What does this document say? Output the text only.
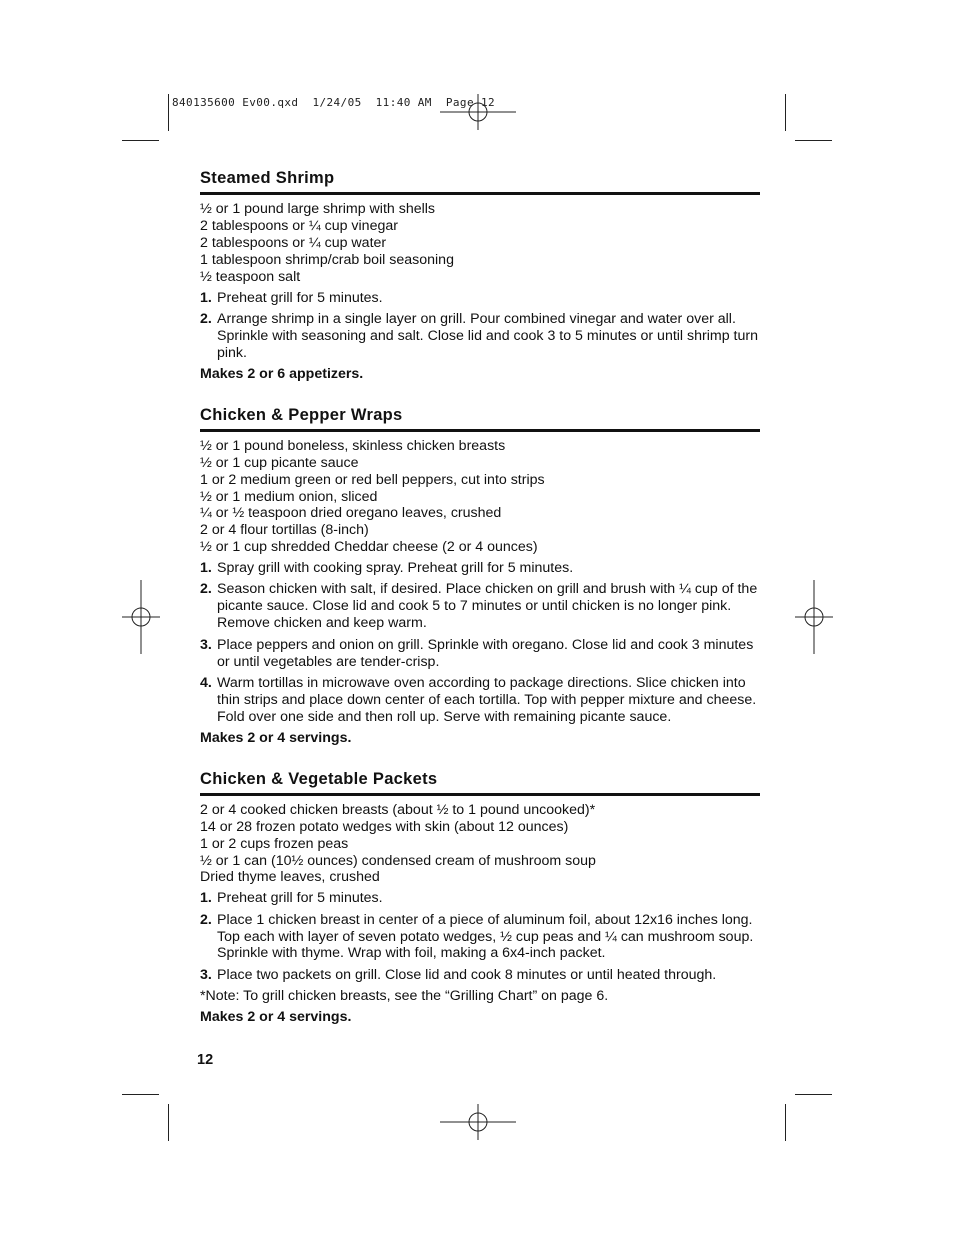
840135600 Ev00.qxd  1/24/05  11:40 AM  Page 12
Steamed Shrimp
½ or 1 pound large shrimp with shells
2 tablespoons or ¼ cup vinegar
2 tablespoons or ¼ cup water
1 tablespoon shrimp/crab boil seasoning
½ teaspoon salt
1. Preheat grill for 5 minutes.
2. Arrange shrimp in a single layer on grill. Pour combined vinegar and water over all. Sprinkle with seasoning and salt. Close lid and cook 3 to 5 minutes or until shrimp turn pink.
Makes 2 or 6 appetizers.
Chicken & Pepper Wraps
½ or 1 pound boneless, skinless chicken breasts
½ or 1 cup picante sauce
1 or 2 medium green or red bell peppers, cut into strips
½ or 1 medium onion, sliced
¼ or ½ teaspoon dried oregano leaves, crushed
2 or 4 flour tortillas (8-inch)
½ or 1 cup shredded Cheddar cheese (2 or 4 ounces)
1. Spray grill with cooking spray. Preheat grill for 5 minutes.
2. Season chicken with salt, if desired. Place chicken on grill and brush with ¼ cup of the picante sauce. Close lid and cook 5 to 7 minutes or until chicken is no longer pink. Remove chicken and keep warm.
3. Place peppers and onion on grill. Sprinkle with oregano. Close lid and cook 3 minutes or until vegetables are tender-crisp.
4. Warm tortillas in microwave oven according to package directions. Slice chicken into thin strips and place down center of each tortilla. Top with pepper mixture and cheese. Fold over one side and then roll up. Serve with remaining picante sauce.
Makes 2 or 4 servings.
Chicken & Vegetable Packets
2 or 4 cooked chicken breasts (about ½ to 1 pound uncooked)*
14 or 28 frozen potato wedges with skin (about 12 ounces)
1 or 2 cups frozen peas
½ or 1 can (10½ ounces) condensed cream of mushroom soup
Dried thyme leaves, crushed
1. Preheat grill for 5 minutes.
2. Place 1 chicken breast in center of a piece of aluminum foil, about 12x16 inches long. Top each with layer of seven potato wedges, ½ cup peas and ¼ can mushroom soup. Sprinkle with thyme. Wrap with foil, making a 6x4-inch packet.
3. Place two packets on grill. Close lid and cook 8 minutes or until heated through.
*Note: To grill chicken breasts, see the “Grilling Chart” on page 6.
Makes 2 or 4 servings.
12
